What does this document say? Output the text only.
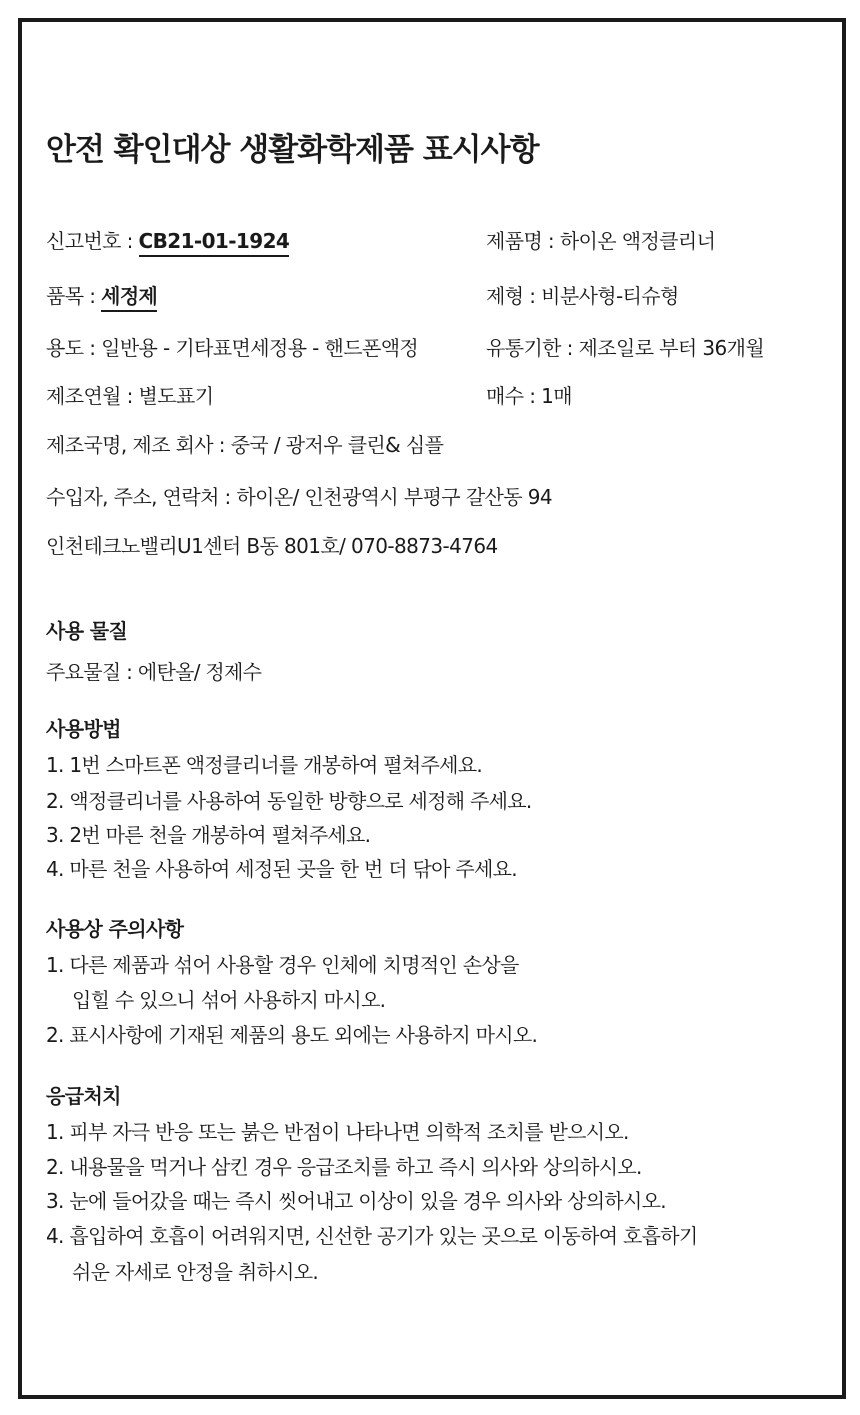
안전 확인대상 생활화학제품 표시사항
신고번호 : CB21-01-1924	제품명 : 하이온 액정클리너
품목 : 세정제	제형 : 비분사형-티슈형
용도 : 일반용 - 기타표면세정용 - 핸드폰액정	유통기한 : 제조일로 부터 36개월
제조연월 : 별도표기	매수 : 1매
제조국명, 제조 회사 : 중국 / 광저우 클린& 심플
수입자, 주소, 연락처 : 하이온/ 인천광역시 부평구 갈산동 94
인천테크노밸리U1센터 B동 801호/ 070-8873-4764
사용 물질
주요물질 : 에탄올/ 정제수
사용방법
1. 1번 스마트폰 액정클리너를 개봉하여 펼쳐주세요.
2. 액정클리너를 사용하여 동일한 방향으로 세정해 주세요.
3. 2번 마른 천을 개봉하여 펼쳐주세요.
4. 마른 천을 사용하여 세정된 곳을 한 번 더 닦아 주세요.
사용상 주의사항
1. 다른 제품과 섞어 사용할 경우 인체에 치명적인 손상을
입힐 수 있으니 섞어 사용하지 마시오.
2. 표시사항에 기재된 제품의 용도 외에는 사용하지 마시오.
응급처치
1. 피부 자극 반응 또는 붉은 반점이 나타나면 의학적 조치를 받으시오.
2. 내용물을 먹거나 삼킨 경우 응급조치를 하고 즉시 의사와 상의하시오.
3. 눈에 들어갔을 때는 즉시 씻어내고 이상이 있을 경우 의사와 상의하시오.
4. 흡입하여 호흡이 어려워지면, 신선한 공기가 있는 곳으로 이동하여 호흡하기
쉬운 자세로 안정을 취하시오.
